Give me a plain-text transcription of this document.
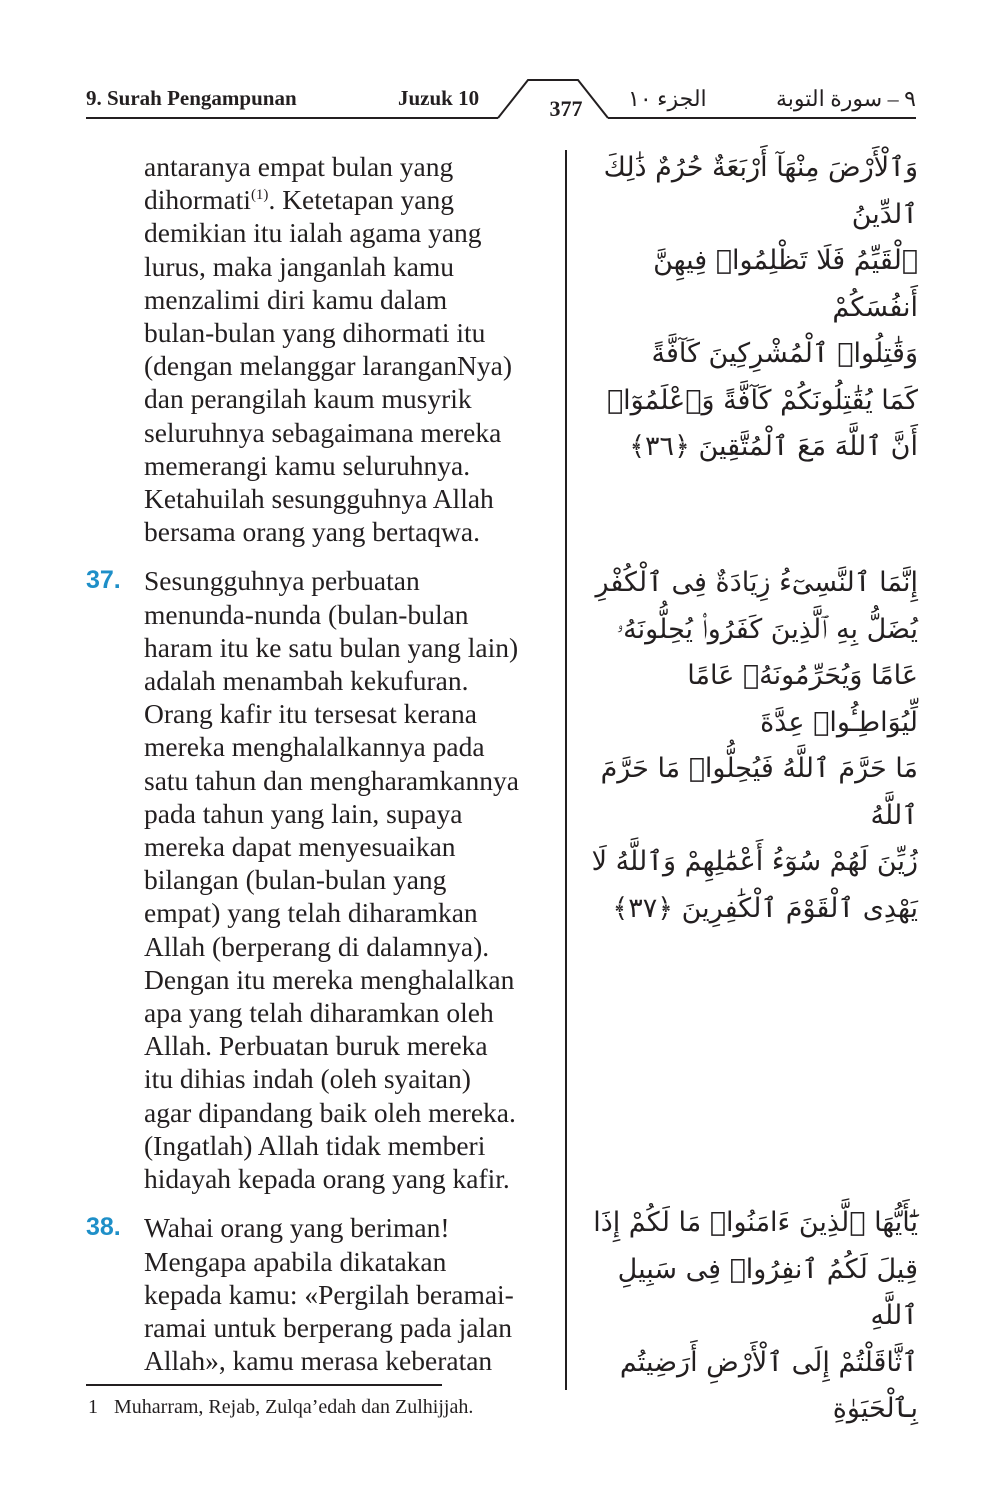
9. Surah Pengampunan	Juzuk 10	377	الجزء ١٠	٩ – سورة التوبة
antaranya empat bulan yang
dihormati$^{(1)}$. Ketetapan yang
demikian itu ialah agama yang
lurus, maka janganlah kamu
menzalimi diri kamu dalam
bulan-bulan yang dihormati itu
(dengan melanggar laranganNya)
dan perangilah kaum musyrik
seluruhnya sebagaimana mereka
memerangi kamu seluruhnya.
Ketahuilah sesungguhnya Allah
bersama orang yang bertaqwa.
37. Sesungguhnya perbuatan
menunda-nunda (bulan-bulan
haram itu ke satu bulan yang lain)
adalah menambah kekufuran.
Orang kafir itu tersesat kerana
mereka menghalalkannya pada
satu tahun dan mengharamkannya
pada tahun yang lain, supaya
mereka dapat menyesuaikan
bilangan (bulan-bulan yang
empat) yang telah diharamkan
Allah (berperang di dalamnya).
Dengan itu mereka menghalalkan
apa yang telah diharamkan oleh
Allah. Perbuatan buruk mereka
itu dihias indah (oleh syaitan)
agar dipandang baik oleh mereka.
(Ingatlah) Allah tidak memberi
hidayah kepada orang yang kafir.
38. Wahai orang yang beriman!
Mengapa apabila dikatakan
kepada kamu: «Pergilah beramai-
ramai untuk berperang pada jalan
Allah», kamu merasa keberatan
وَٱلْأَرْضَ مِنْهَآ أَرْبَعَةٌ حُرُمٌ ذَٰلِكَ ٱلدِّينُ
ٱلْقَيِّمُ فَلَا تَظْلِمُوا۟ فِيهِنَّ أَنفُسَكُمْ
وَقَٰتِلُوا۟ ٱلْمُشْرِكِينَ كَآفَّةً
كَمَا يُقَٰتِلُونَكُمْ كَآفَّةً وَٱعْلَمُوٓا۟
أَنَّ ٱللَّهَ مَعَ ٱلْمُتَّقِينَ ﴿٣٦﴾
إِنَّمَا ٱلنَّسِىٓءُ زِيَادَةٌ فِى ٱلْكُفْرِ
يُضَلُّ بِهِ ٱلَّذِينَ كَفَرُوا۟ يُحِلُّونَهُۥ
عَامًا وَيُحَرِّمُونَهُۥ عَامًا لِّيُوَاطِـُٔوا۟ عِدَّةَ
مَا حَرَّمَ ٱللَّهُ فَيُحِلُّوا۟ مَا حَرَّمَ ٱللَّهُ
زُيِّنَ لَهُمْ سُوٓءُ أَعْمَٰلِهِمْ وَٱللَّهُ لَا
يَهْدِى ٱلْقَوْمَ ٱلْكَٰفِرِينَ ﴿٣٧﴾
يَٰٓأَيُّهَا ٱلَّذِينَ ءَامَنُوا۟ مَا لَكُمْ إِذَا
قِيلَ لَكُمُ ٱنفِرُوا۟ فِى سَبِيلِ ٱللَّهِ
ٱثَّاقَلْتُمْ إِلَى ٱلْأَرْضِ أَرَضِيتُم بِٱلْحَيَوٰةِ
1 Muharram, Rejab, Zulqa’edah dan Zulhijjah.
